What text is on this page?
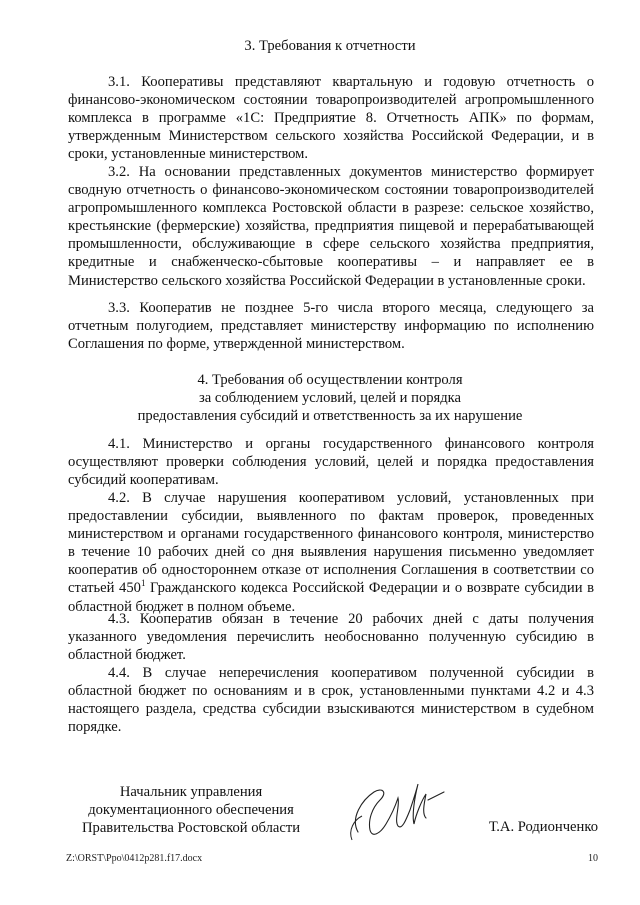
3. Требования к отчетности

3.1. Кооперативы представляют квартальную и годовую отчетность о финансово-экономическом состоянии товаропроизводителей агропромышленного комплекса в программе «1С: Предприятие 8. Отчетность АПК» по формам, утвержденным Министерством сельского хозяйства Российской Федерации, и в сроки, установленные министерством.

3.2. На основании представленных документов министерство формирует сводную отчетность о финансово-экономическом состоянии товаропроизводителей агропромышленного комплекса Ростовской области в разрезе: сельское хозяйство, крестьянские (фермерские) хозяйства, предприятия пищевой и перерабатывающей промышленности, обслуживающие в сфере сельского хозяйства предприятия, кредитные и снабженческо-сбытовые кооперативы – и направляет ее в Министерство сельского хозяйства Российской Федерации в установленные сроки.

3.3. Кооператив не позднее 5-го числа второго месяца, следующего за отчетным полугодием, представляет министерству информацию по исполнению Соглашения по форме, утвержденной министерством.

4. Требования об осуществлении контроля
за соблюдением условий, целей и порядка
предоставления субсидий и ответственность за их нарушение

4.1. Министерство и органы государственного финансового контроля осуществляют проверки соблюдения условий, целей и порядка предоставления субсидий кооперативам.

4.2. В случае нарушения кооперативом условий, установленных при предоставлении субсидии, выявленного по фактам проверок, проведенных министерством и органами государственного финансового контроля, министерство в течение 10 рабочих дней со дня выявления нарушения письменно уведомляет кооператив об одностороннем отказе от исполнения Соглашения в соответствии со статьей $450^1$ Гражданского кодекса Российской Федерации и о возврате субсидии в областной бюджет в полном объеме.

4.3. Кооператив обязан в течение 20 рабочих дней с даты получения указанного уведомления перечислить необоснованно полученную субсидию в областной бюджет.

4.4. В случае неперечисления кооперативом полученной субсидии в областной бюджет по основаниям и в срок, установленными пунктами 4.2 и 4.3 настоящего раздела, средства субсидии взыскиваются министерством в судебном порядке.

Начальник управления
документационного обеспечения
Правительства Ростовской области	Т.А. Родионченко
Z:\ORST\Ppo\0412p281.f17.docx	10
